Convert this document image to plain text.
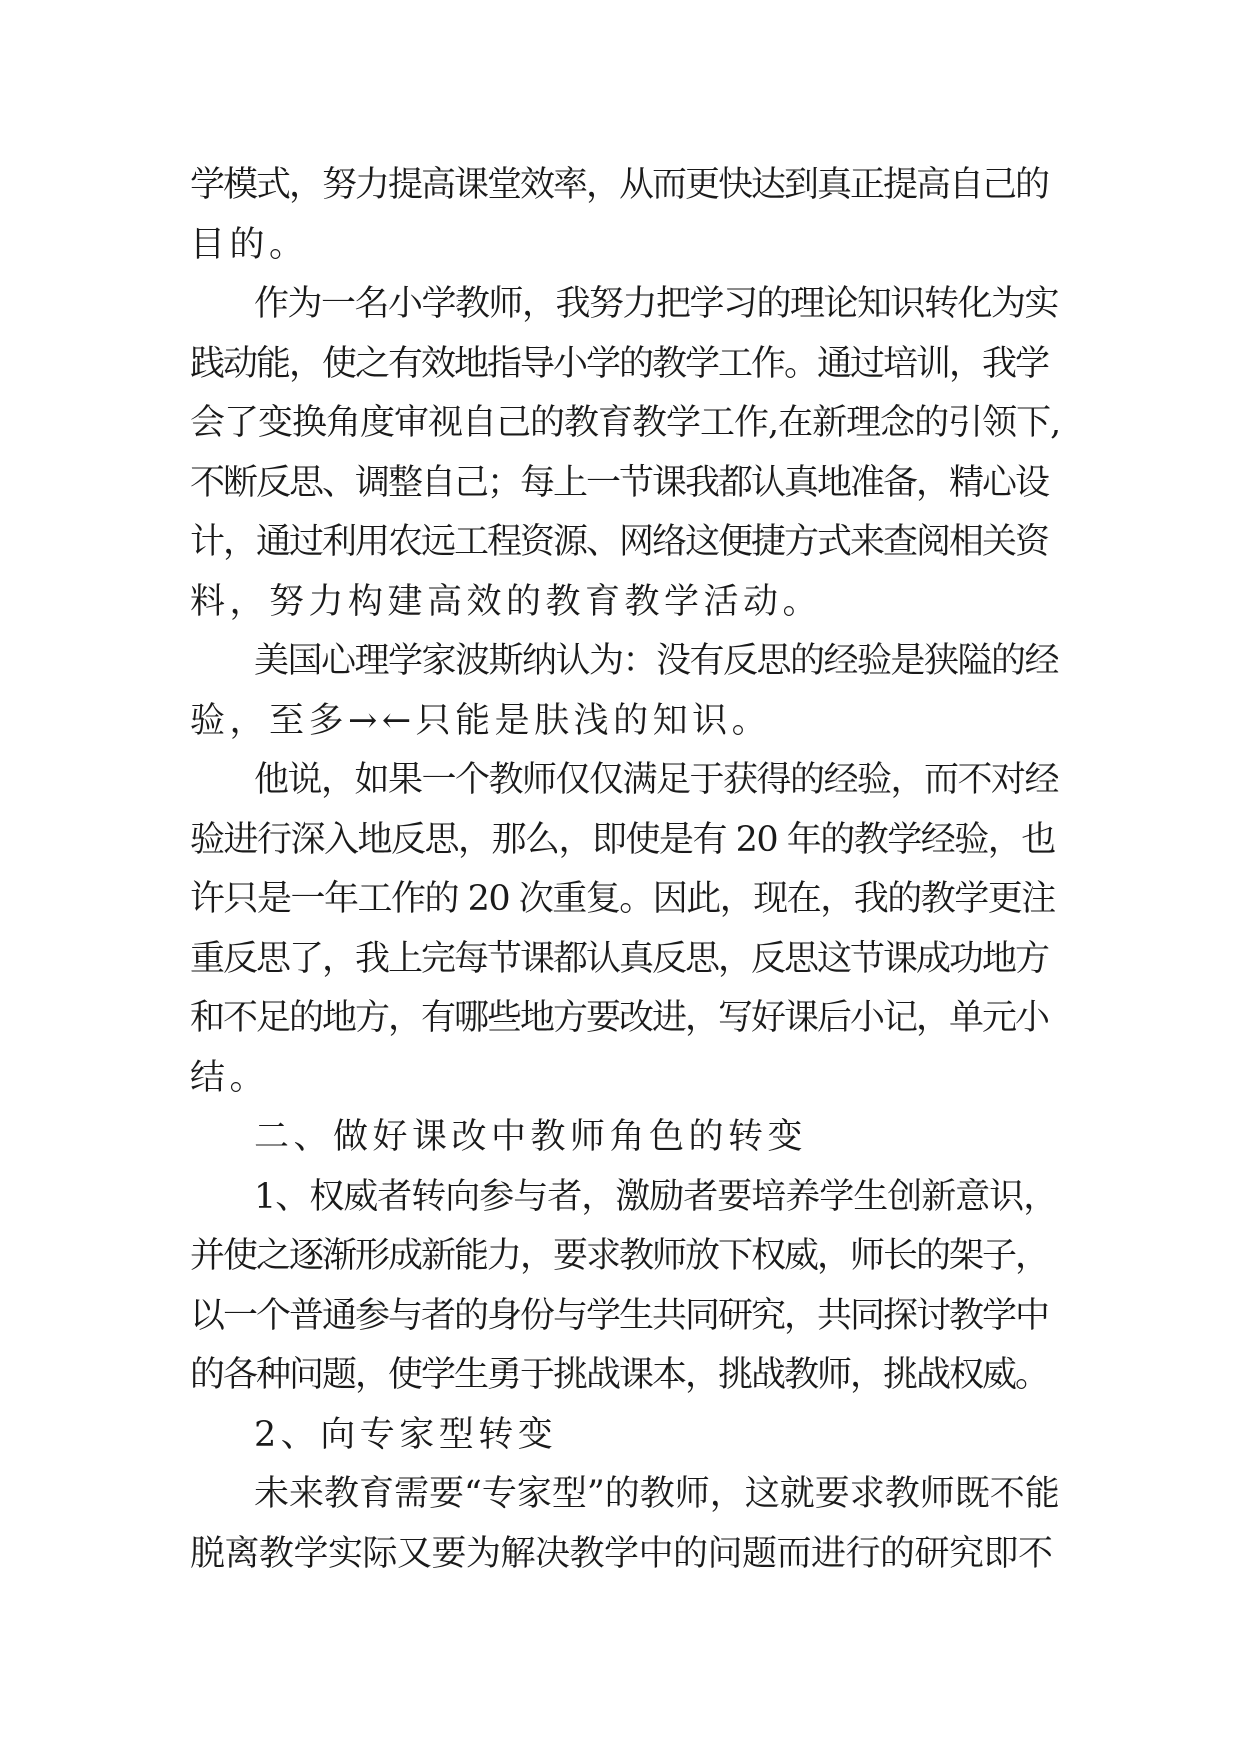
学模式，努力提高课堂效率，从而更快达到真正提高自己的
目的。
作为一名小学教师，我努力把学习的理论知识转化为实
践动能，使之有效地指导小学的教学工作。通过培训，我学
会了变换角度审视自己的教育教学工作,在新理念的引领下,
不断反思、调整自己；每上一节课我都认真地准备，精心设
计，通过利用农远工程资源、网络这便捷方式来查阅相关资
料，努力构建高效的教育教学活动。
美国心理学家波斯纳认为：没有反思的经验是狭隘的经
验，至多→←只能是肤浅的知识。
他说，如果一个教师仅仅满足于获得的经验，而不对经
验进行深入地反思，那么，即使是有 20 年的教学经验，也
许只是一年工作的 20 次重复。因此，现在，我的教学更注
重反思了，我上完每节课都认真反思，反思这节课成功地方
和不足的地方，有哪些地方要改进，写好课后小记，单元小
结。
二、做好课改中教师角色的转变
1、权威者转向参与者，激励者要培养学生创新意识，
并使之逐渐形成新能力，要求教师放下权威，师长的架子，
以一个普通参与者的身份与学生共同研究，共同探讨教学中
的各种问题，使学生勇于挑战课本，挑战教师，挑战权威。
2、向专家型转变
未来教育需要“专家型”的教师，这就要求教师既不能
脱离教学实际又要为解决教学中的问题而进行的研究即不
